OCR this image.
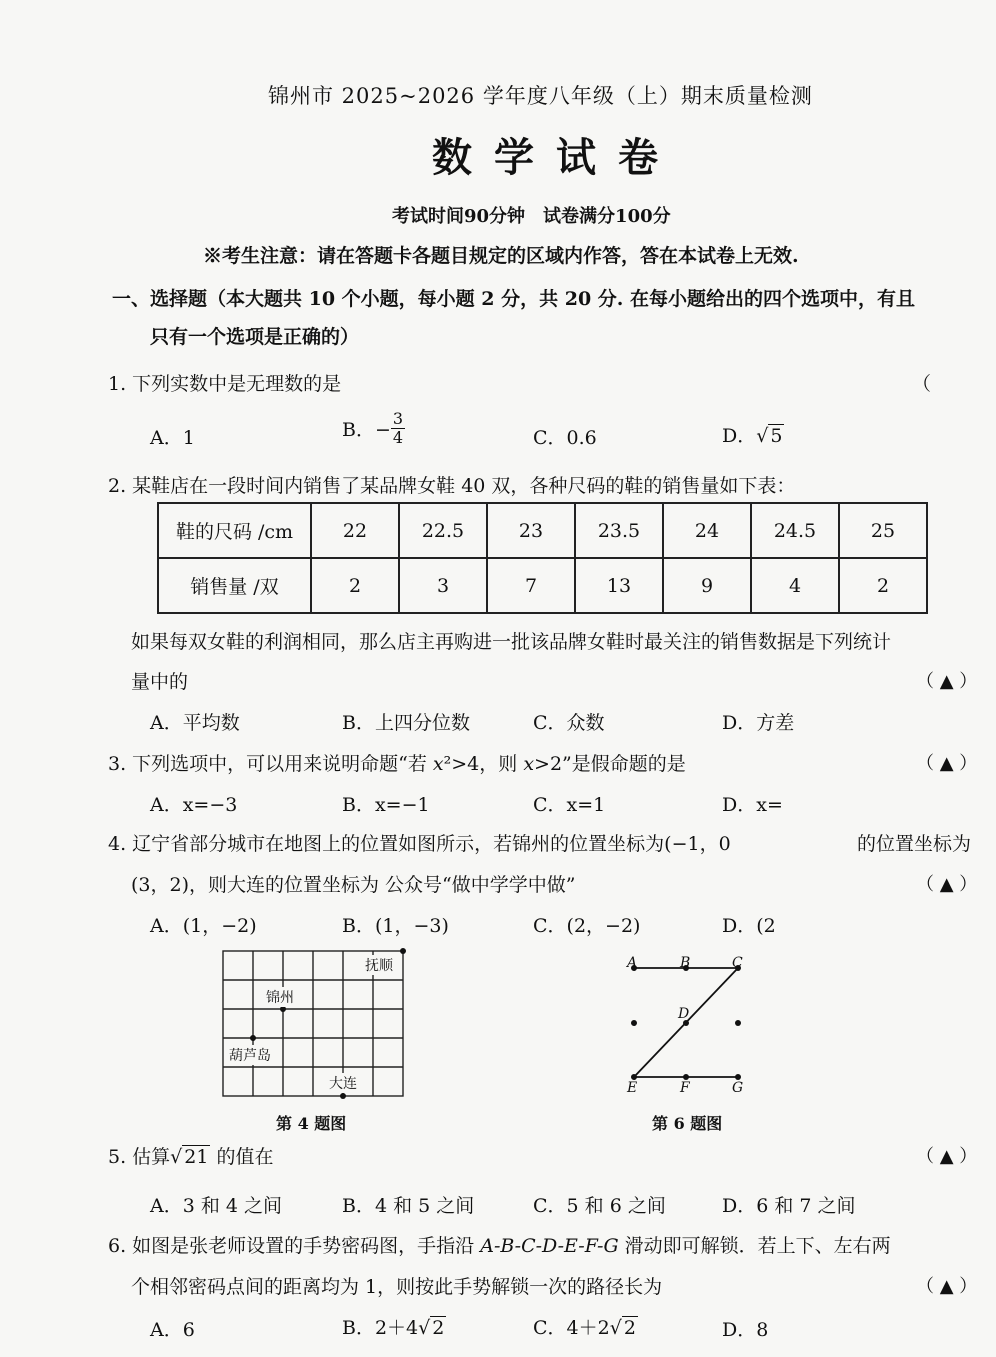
锦州市 2025~2026 学年度八年级（上）期末质量检测
数学试卷
考试时间90分钟　试卷满分100分
※考生注意：请在答题卡各题目规定的区域内作答，答在本试卷上无效.
一、选择题（本大题共 10 个小题，每小题 2 分，共 20 分. 在每小题给出的四个选项中，有且
只有一个选项是正确的）
1. 下列实数中是无理数的是	（
A．1	B．− $\frac{3}{4}$	C．0.6	D．√ 5
2. 某鞋店在一段时间内销售了某品牌女鞋 40 双，各种尺码的鞋的销售量如下表：
鞋的尺码 /cm	22	22.5	23	23.5	24	24.5	25
销售量 /双	2	3	7	13	9	4	2
如果每双女鞋的利润相同，那么店主再购进一批该品牌女鞋时最关注的销售数据是下列统计
量中的	（ ▲ ）
A．平均数	B．上四分位数	C．众数	D．方差
3. 下列选项中，可以用来说明命题“若 x²>4，则 x>2”是假命题的是	（ ▲ ）
A．x=−3	B．x=−1	C．x=1	D．x=
4. 辽宁省部分城市在地图上的位置如图所示，若锦州的位置坐标为(−1，0	的位置坐标为
(3，2)，则大连的位置坐标为 公众号“做中学学中做”	（ ▲ ）
A．(1，−2)	B．(1，−3)	C．(2，−2)	D．(2
抚顺
锦州
葫芦岛
大连
第 4 题图
A	B	C
D
E	F	G
第 6 题图
5. 估算√ 21 的值在	（ ▲ ）
A．3 和 4 之间	B．4 和 5 之间	C．5 和 6 之间	D．6 和 7 之间
6. 如图是张老师设置的手势密码图，手指沿 A-B-C-D-E-F-G 滑动即可解锁．若上下、左右两
个相邻密码点间的距离均为 1，则按此手势解锁一次的路径长为	（ ▲ ）
A．6	B．2＋4√ 2	C．4＋2√ 2	D．8
